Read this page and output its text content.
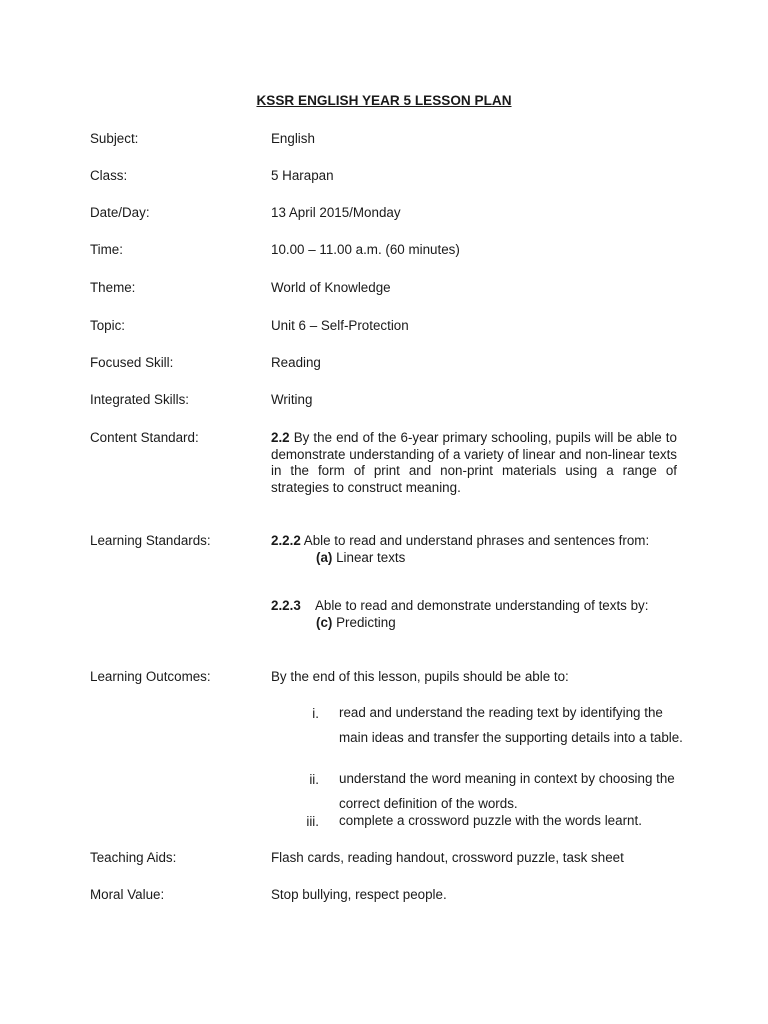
KSSR ENGLISH YEAR 5 LESSON PLAN
Subject:	English
Class:	5 Harapan
Date/Day:	13 April 2015/Monday
Time:	10.00 – 11.00 a.m. (60 minutes)
Theme:	World of Knowledge
Topic:	Unit 6 – Self-Protection
Focused Skill:	Reading
Integrated Skills:	Writing
Content Standard:	2.2 By the end of the 6-year primary schooling, pupils will be able to demonstrate understanding of a variety of linear and non-linear texts in the form of print and non-print materials using a range of strategies to construct meaning.
Learning Standards:	2.2.2 Able to read and understand phrases and sentences from:
(a) Linear texts
2.2.3 Able to read and demonstrate understanding of texts by:
(c) Predicting
Learning Outcomes:	By the end of this lesson, pupils should be able to:
i. read and understand the reading text by identifying the main ideas and transfer the supporting details into a table.
ii. understand the word meaning in context by choosing the correct definition of the words.
iii. complete a crossword puzzle with the words learnt.
Teaching Aids:	Flash cards, reading handout, crossword puzzle, task sheet
Moral Value:	Stop bullying, respect people.
